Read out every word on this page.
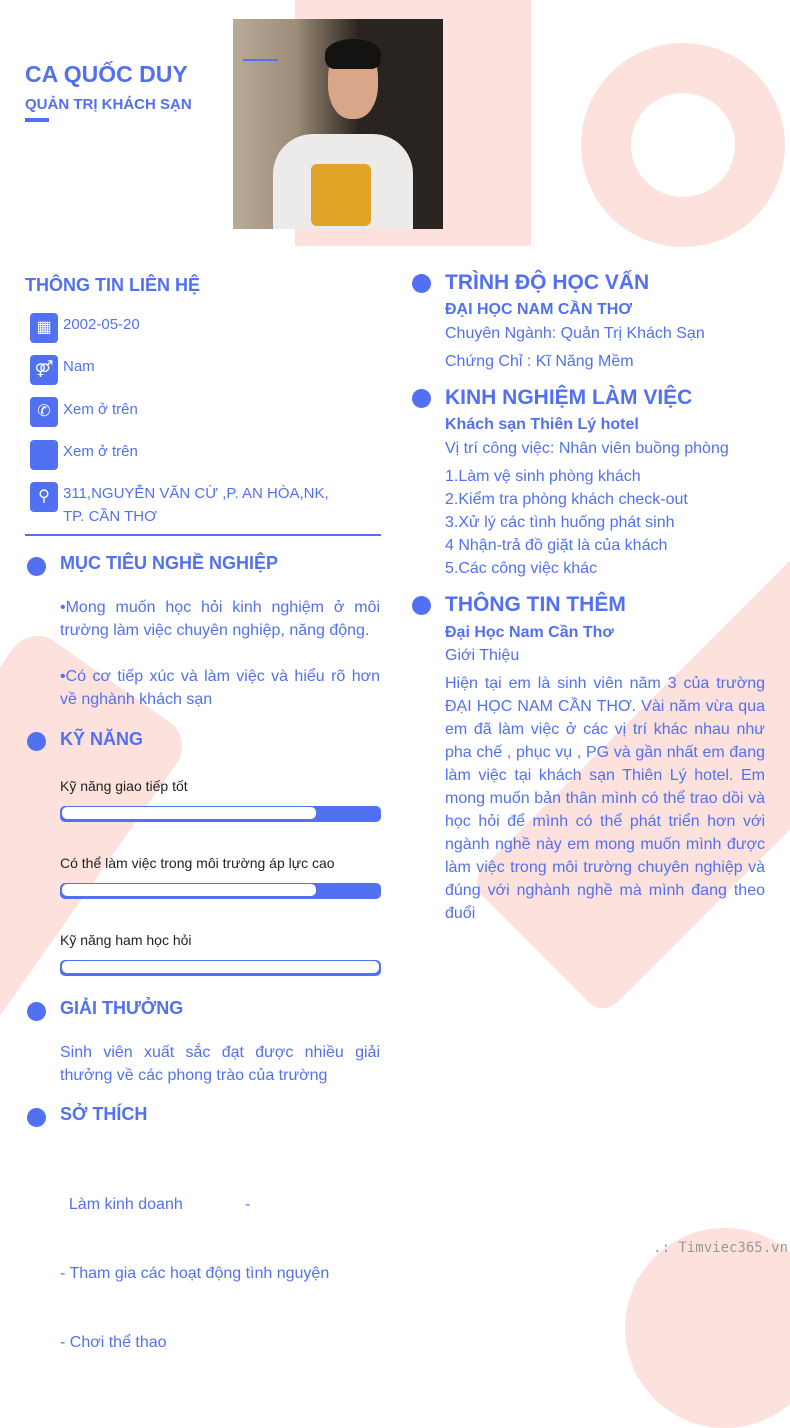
CA QUỐC DUY
QUẢN TRỊ KHÁCH SẠN
THÔNG TIN LIÊN HỆ
▦ 2002-05-20
⚤ Nam
✆ Xem ở trên
Xem ở trên
⚲ 311,NGUYỄN VĂN CỪ ,P. AN HÒA,NK,
TP. CẦN THƠ
MỤC TIÊU NGHỀ NGHIỆP
•Mong muốn học hỏi kinh nghiệm ở môi trường làm việc chuyên nghiệp, năng động.
•Có cơ tiếp xúc và làm việc và hiểu rõ hơn về nghành khách sạn
KỸ NĂNG
Kỹ năng giao tiếp tốt
Có thể làm việc trong môi trường áp lực cao
Kỹ năng ham học hỏi
GIẢI THƯỞNG
Sinh viên xuất sắc đạt được nhiều giải thưởng về các phong trào của trường
SỞ THÍCH

Làm kinh doanh              -

- Tham gia các hoạt động tình nguyện

- Chơi thể thao

TRÌNH ĐỘ HỌC VẤN
ĐẠI HỌC NAM CẦN THƠ
Chuyên Ngành: Quản Trị Khách Sạn
Chứng Chỉ : Kĩ Năng Mềm
KINH NGHIỆM LÀM VIỆC
Khách sạn Thiên Lý hotel
Vị trí công việc: Nhân viên buồng phòng
1.Làm vệ sinh phòng khách
2.Kiểm tra phòng khách check-out
3.Xử lý các tình huống phát sinh
4 Nhận-trả đồ giặt là của khách
5.Các công việc khác
THÔNG TIN THÊM
Đại Học Nam Cần Thơ
Giới Thiệu
Hiện tại em là sinh viên năm 3 của trường ĐẠI HỌC NAM CẦN THƠ. Vài năm vừa qua em đã làm việc ở các vị trí khác nhau như pha chế , phục vụ , PG và gần nhất em đang làm việc tại khách sạn Thiên Lý hotel. Em mong muốn bản thân mình có thể trao dồi và học hỏi để mình có thể phát triển hơn với ngành nghề này em mong muốn mình được làm việc trong môi trường chuyên nghiệp và đúng với nghành nghề mà mình đang theo đuổi
.: Timviec365.vn
